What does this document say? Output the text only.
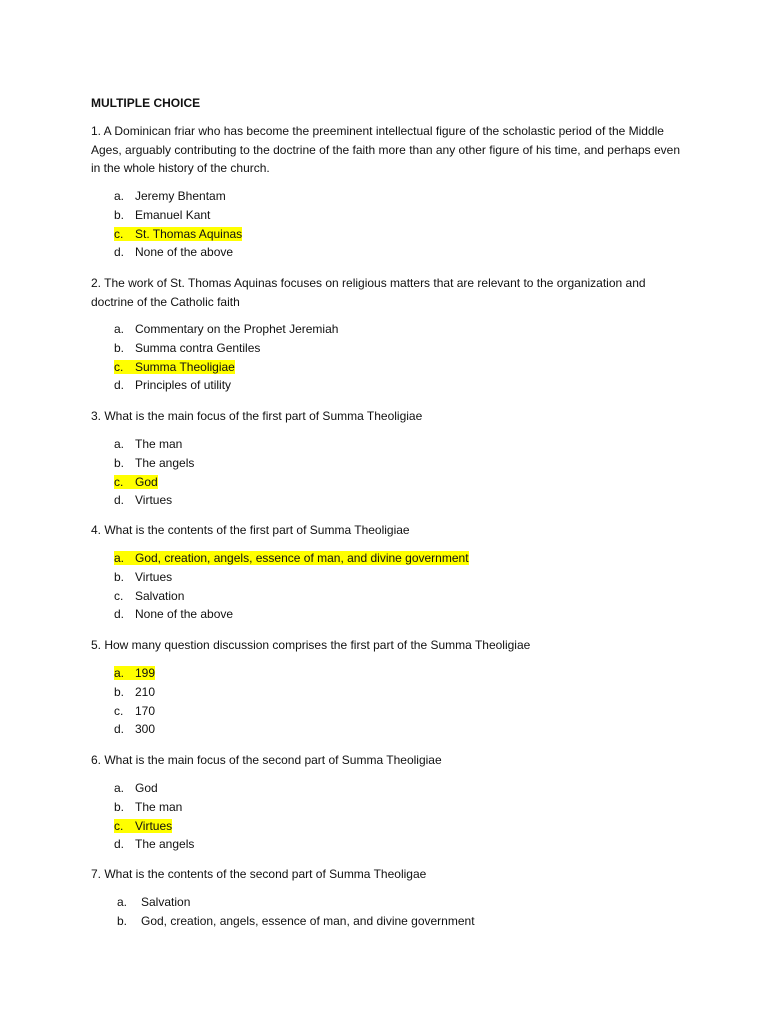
MULTIPLE CHOICE
1. A Dominican friar who has become the preeminent intellectual figure of the scholastic period of the Middle Ages, arguably contributing to the doctrine of the faith more than any other figure of his time, and perhaps even in the whole history of the church.
a. Jeremy Bhentam
b. Emanuel Kant
c. St. Thomas Aquinas
d. None of the above
2. The work of St. Thomas Aquinas focuses on religious matters that are relevant to the organization and doctrine of the Catholic faith
a. Commentary on the Prophet Jeremiah
b. Summa contra Gentiles
c. Summa Theoligiae
d. Principles of utility
3. What is the main focus of the first part of Summa Theoligiae
a. The man
b. The angels
c. God
d. Virtues
4. What is the contents of the first part of Summa Theoligiae
a. God, creation, angels, essence of man, and divine government
b. Virtues
c. Salvation
d. None of the above
5. How many question discussion comprises the first part of the Summa Theoligiae
a. 199
b. 210
c. 170
d. 300
6. What is the main focus of the second part of Summa Theoligiae
a. God
b. The man
c. Virtues
d. The angels
7. What is the contents of the second part of Summa Theoligae
a. Salvation
b. God, creation, angels, essence of man, and divine government
